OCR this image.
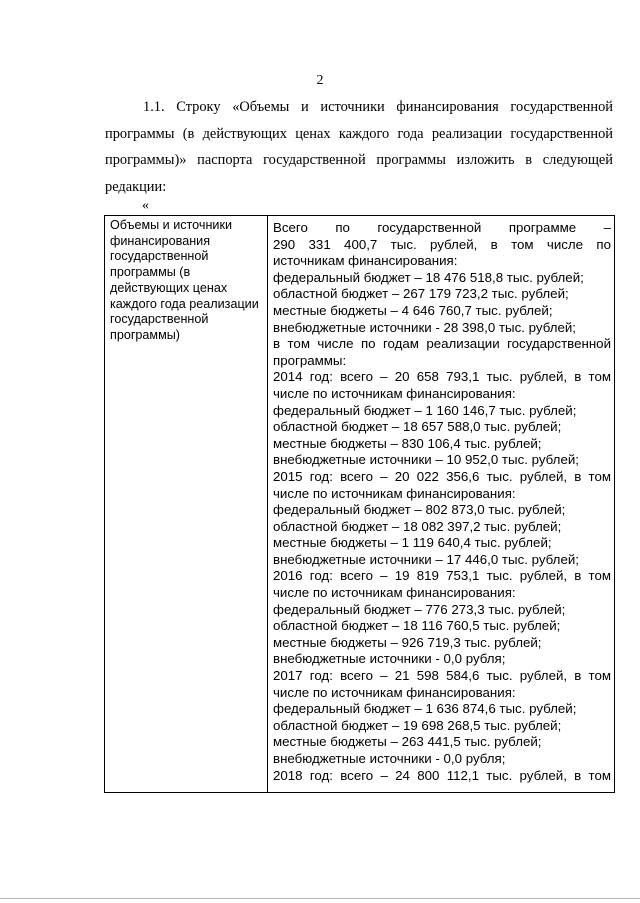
2

1.1. Строку «Объемы и источники финансирования государственной программы (в действующих ценах каждого года реализации государственной программы)» паспорта государственной программы изложить в следующей редакции:

«
Объемы и источники финансирования государственной программы (в действующих ценах каждого года реализации государственной программы)	
Всего по государственной программе –
290 331 400,7 тыс. рублей, в том числе по
источникам финансирования:
федеральный бюджет – 18 476 518,8 тыс. рублей;
областной бюджет – 267 179 723,2 тыс. рублей;
местные бюджеты – 4 646 760,7 тыс. рублей;
внебюджетные источники - 28 398,0 тыс. рублей;
в том числе по годам реализации государственной
программы:
2014 год: всего – 20 658 793,1 тыс. рублей, в том
числе по источникам финансирования:
федеральный бюджет – 1 160 146,7 тыс. рублей;
областной бюджет – 18 657 588,0 тыс. рублей;
местные бюджеты – 830 106,4 тыс. рублей;
внебюджетные источники – 10 952,0 тыс. рублей;
2015 год: всего – 20 022 356,6 тыс. рублей, в том
числе по источникам финансирования:
федеральный бюджет – 802 873,0 тыс. рублей;
областной бюджет – 18 082 397,2 тыс. рублей;
местные бюджеты – 1 119 640,4 тыс. рублей;
внебюджетные источники – 17 446,0 тыс. рублей;
2016 год: всего – 19 819 753,1 тыс. рублей, в том
числе по источникам финансирования:
федеральный бюджет – 776 273,3 тыс. рублей;
областной бюджет – 18 116 760,5 тыс. рублей;
местные бюджеты – 926 719,3 тыс. рублей;
внебюджетные источники - 0,0 рубля;
2017 год: всего – 21 598 584,6 тыс. рублей, в том
числе по источникам финансирования:
федеральный бюджет – 1 636 874,6 тыс. рублей;
областной бюджет – 19 698 268,5 тыс. рублей;
местные бюджеты – 263 441,5 тыс. рублей;
внебюджетные источники - 0,0 рубля;
2018 год: всего – 24 800 112,1 тыс. рублей, в том
